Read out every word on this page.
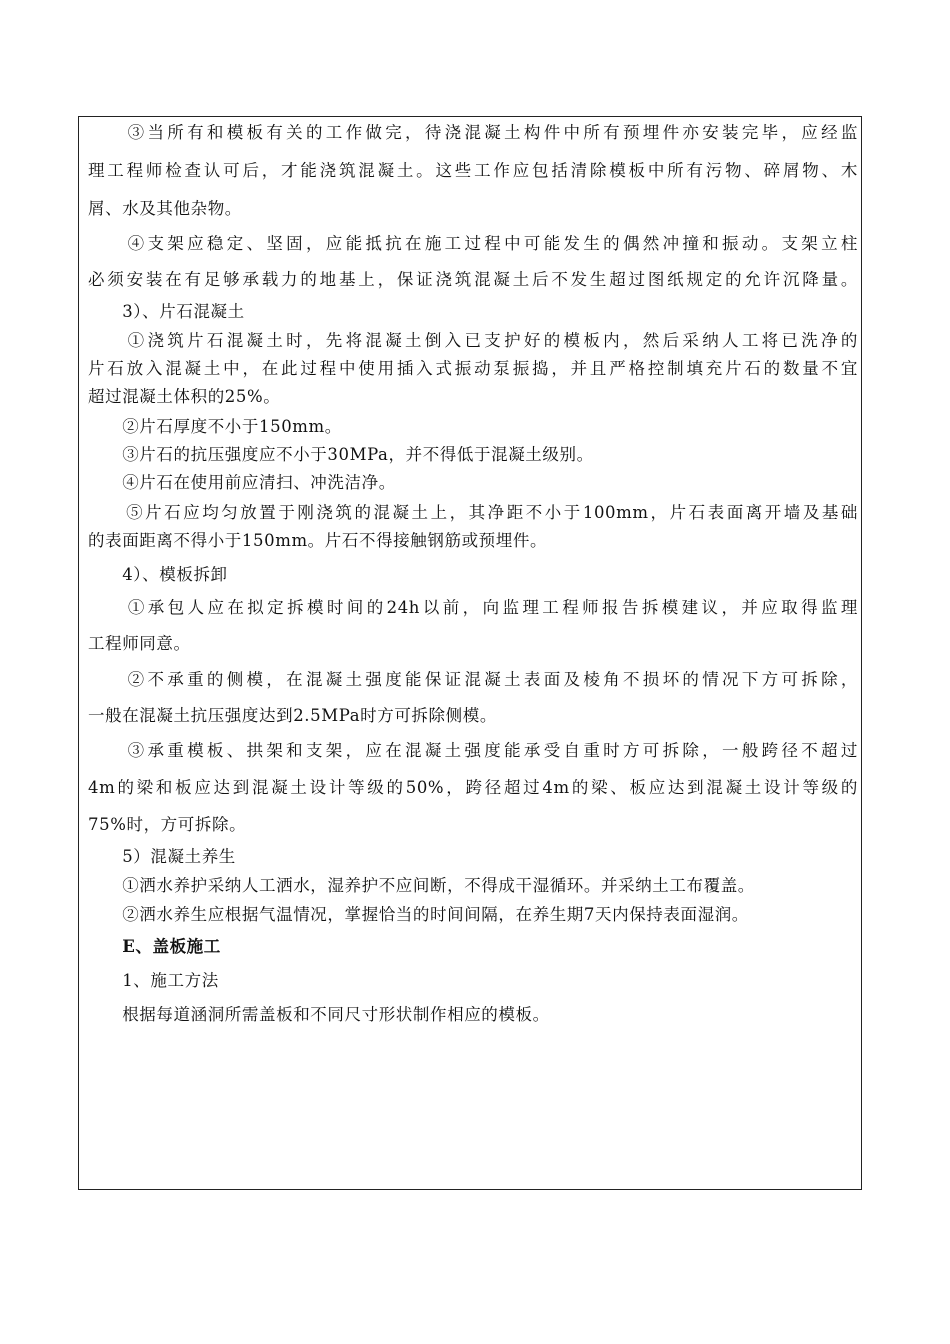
　　③当所有和模板有关的工作做完，待浇混凝土构件中所有预埋件亦安装完毕，应经监
理工程师检查认可后，才能浇筑混凝土。这些工作应包括清除模板中所有污物、碎屑物、木
屑、水及其他杂物。
　　④支架应稳定、坚固，应能抵抗在施工过程中可能发生的偶然冲撞和振动。支架立柱
必须安装在有足够承载力的地基上，保证浇筑混凝土后不发生超过图纸规定的允许沉降量。
　　3）、片石混凝土
　　①浇筑片石混凝土时，先将混凝土倒入已支护好的模板内，然后采纳人工将已洗净的
片石放入混凝土中，在此过程中使用插入式振动泵振捣，并且严格控制填充片石的数量不宜
超过混凝土体积的25%。
　　②片石厚度不小于150mm。
　　③片石的抗压强度应不小于30MPa，并不得低于混凝土级别。
　　④片石在使用前应清扫、冲洗洁净。
　　⑤片石应均匀放置于刚浇筑的混凝土上，其净距不小于100mm，片石表面离开墙及基础
的表面距离不得小于150mm。片石不得接触钢筋或预埋件。
　　4）、模板拆卸
　　①承包人应在拟定拆模时间的24h以前，向监理工程师报告拆模建议，并应取得监理
工程师同意。
　　②不承重的侧模，在混凝土强度能保证混凝土表面及棱角不损坏的情况下方可拆除，
一般在混凝土抗压强度达到2.5MPa时方可拆除侧模。
　　③承重模板、拱架和支架，应在混凝土强度能承受自重时方可拆除，一般跨径不超过
4m的梁和板应达到混凝土设计等级的50%，跨径超过4m的梁、板应达到混凝土设计等级的
75%时，方可拆除。
　　5）混凝土养生
　　①洒水养护采纳人工洒水，湿养护不应间断，不得成干湿循环。并采纳土工布覆盖。
　　②洒水养生应根据气温情况，掌握恰当的时间间隔，在养生期7天内保持表面湿润。
　　E、盖板施工
　　1、施工方法
　　根据每道涵洞所需盖板和不同尺寸形状制作相应的模板。
